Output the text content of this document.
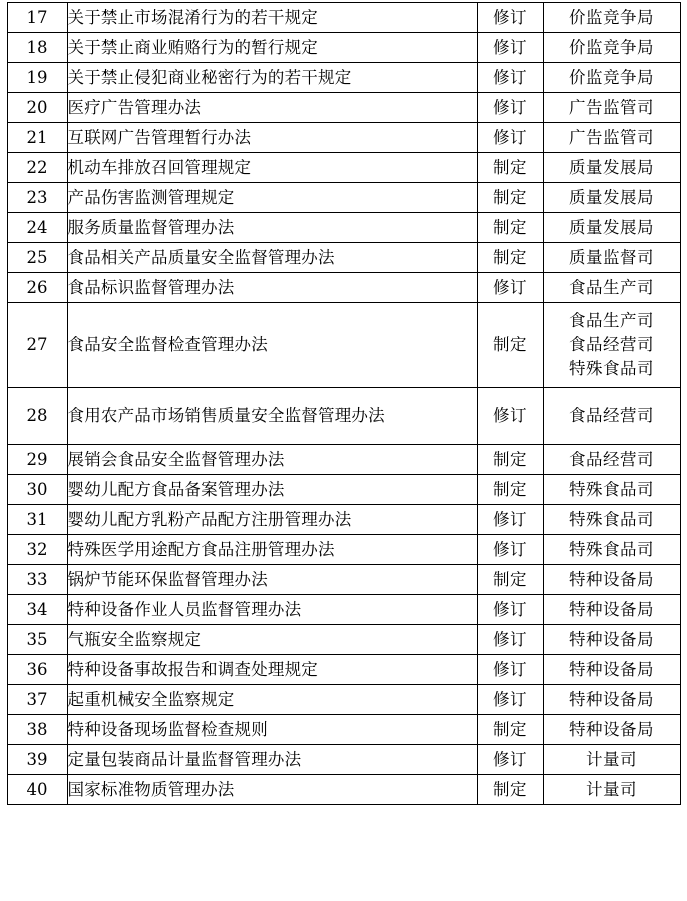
17	关于禁止市场混淆行为的若干规定	修订	价监竞争局

18	关于禁止商业贿赂行为的暂行规定	修订	价监竞争局

19	关于禁止侵犯商业秘密行为的若干规定	修订	价监竞争局

20	医疗广告管理办法	修订	广告监管司

21	互联网广告管理暂行办法	修订	广告监管司

22	机动车排放召回管理规定	制定	质量发展局

23	产品伤害监测管理规定	制定	质量发展局

24	服务质量监督管理办法	制定	质量发展局

25	食品相关产品质量安全监督管理办法	制定	质量监督司

26	食品标识监督管理办法	修订	食品生产司

27	食品安全监督检查管理办法	制定	食品生产司
食品经营司
特殊食品司

28	食用农产品市场销售质量安全监督管理办法	修订	食品经营司

29	展销会食品安全监督管理办法	制定	食品经营司

30	婴幼儿配方食品备案管理办法	制定	特殊食品司

31	婴幼儿配方乳粉产品配方注册管理办法	修订	特殊食品司

32	特殊医学用途配方食品注册管理办法	修订	特殊食品司

33	锅炉节能环保监督管理办法	制定	特种设备局

34	特种设备作业人员监督管理办法	修订	特种设备局

35	气瓶安全监察规定	修订	特种设备局

36	特种设备事故报告和调查处理规定	修订	特种设备局

37	起重机械安全监察规定	修订	特种设备局

38	特种设备现场监督检查规则	制定	特种设备局

39	定量包装商品计量监督管理办法	修订	计量司

40	国家标准物质管理办法	制定	计量司
